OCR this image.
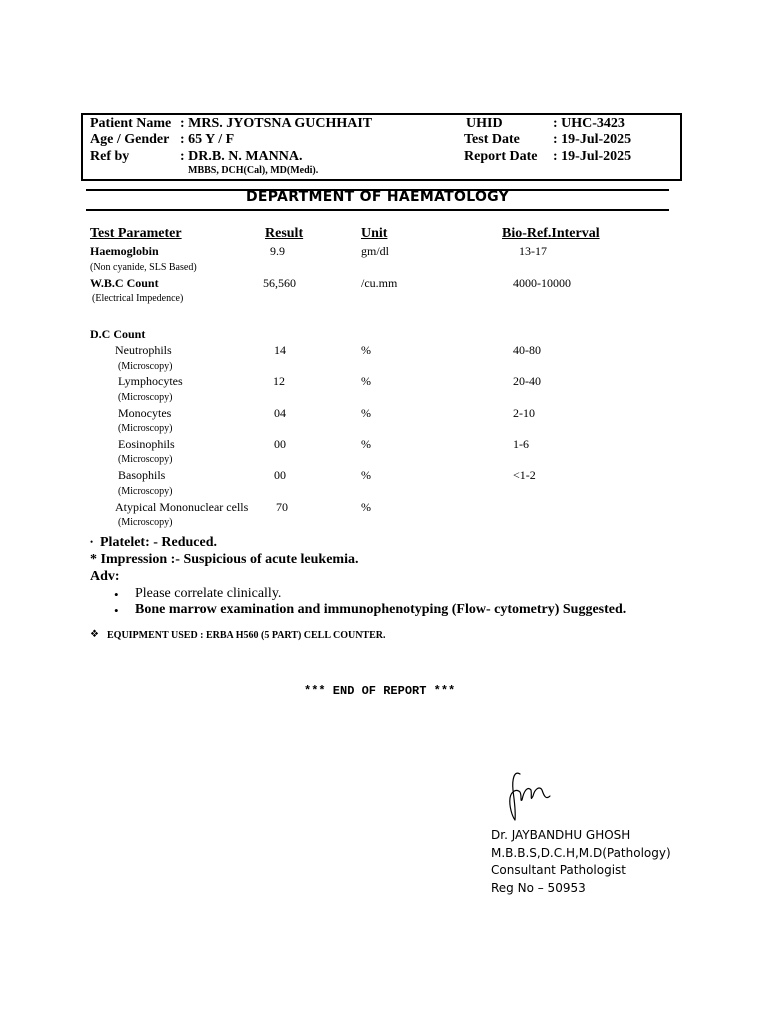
Patient Name : MRS. JYOTSNA GUCHHAIT
Age / Gender : 65 Y / F
Ref by	: DR.B. N. MANNA.
MBBS, DCH(Cal), MD(Medi).
UHID	: UHC-3423
Test Date : 19-Jul-2025
Report Date : 19-Jul-2025
DEPARTMENT OF HAEMATOLOGY
Test Parameter	Result	Unit	Bio-Ref.Interval
Haemoglobin
(Non cyanide, SLS Based)
9.9	gm/dl	13-17
W.B.C Count
(Electrical Impedence)
56,560	/cu.mm	4000-10000
D.C Count
Neutrophils
(Microscopy)
14	%	40-80
Lymphocytes
(Microscopy)
12	%	20-40
Monocytes
(Microscopy)
04	%	2-10
Eosinophils
(Microscopy)
00	%	1-6
Basophils
(Microscopy)
00	%	<1-2
Atypical Mononuclear cells
(Microscopy)
70	%
• Platelet: - Reduced.
* Impression :- Suspicious of acute leukemia.
Adv:
• Please correlate clinically.
• Bone marrow examination and immunophenotyping (Flow- cytometry) Suggested.
❖ EQUIPMENT USED : ERBA H560 (5 PART) CELL COUNTER.
*** END OF REPORT ***
Dr. JAYBANDHU GHOSH
M.B.B.S,D.C.H,M.D(Pathology)
Consultant Pathologist
Reg No – 50953
